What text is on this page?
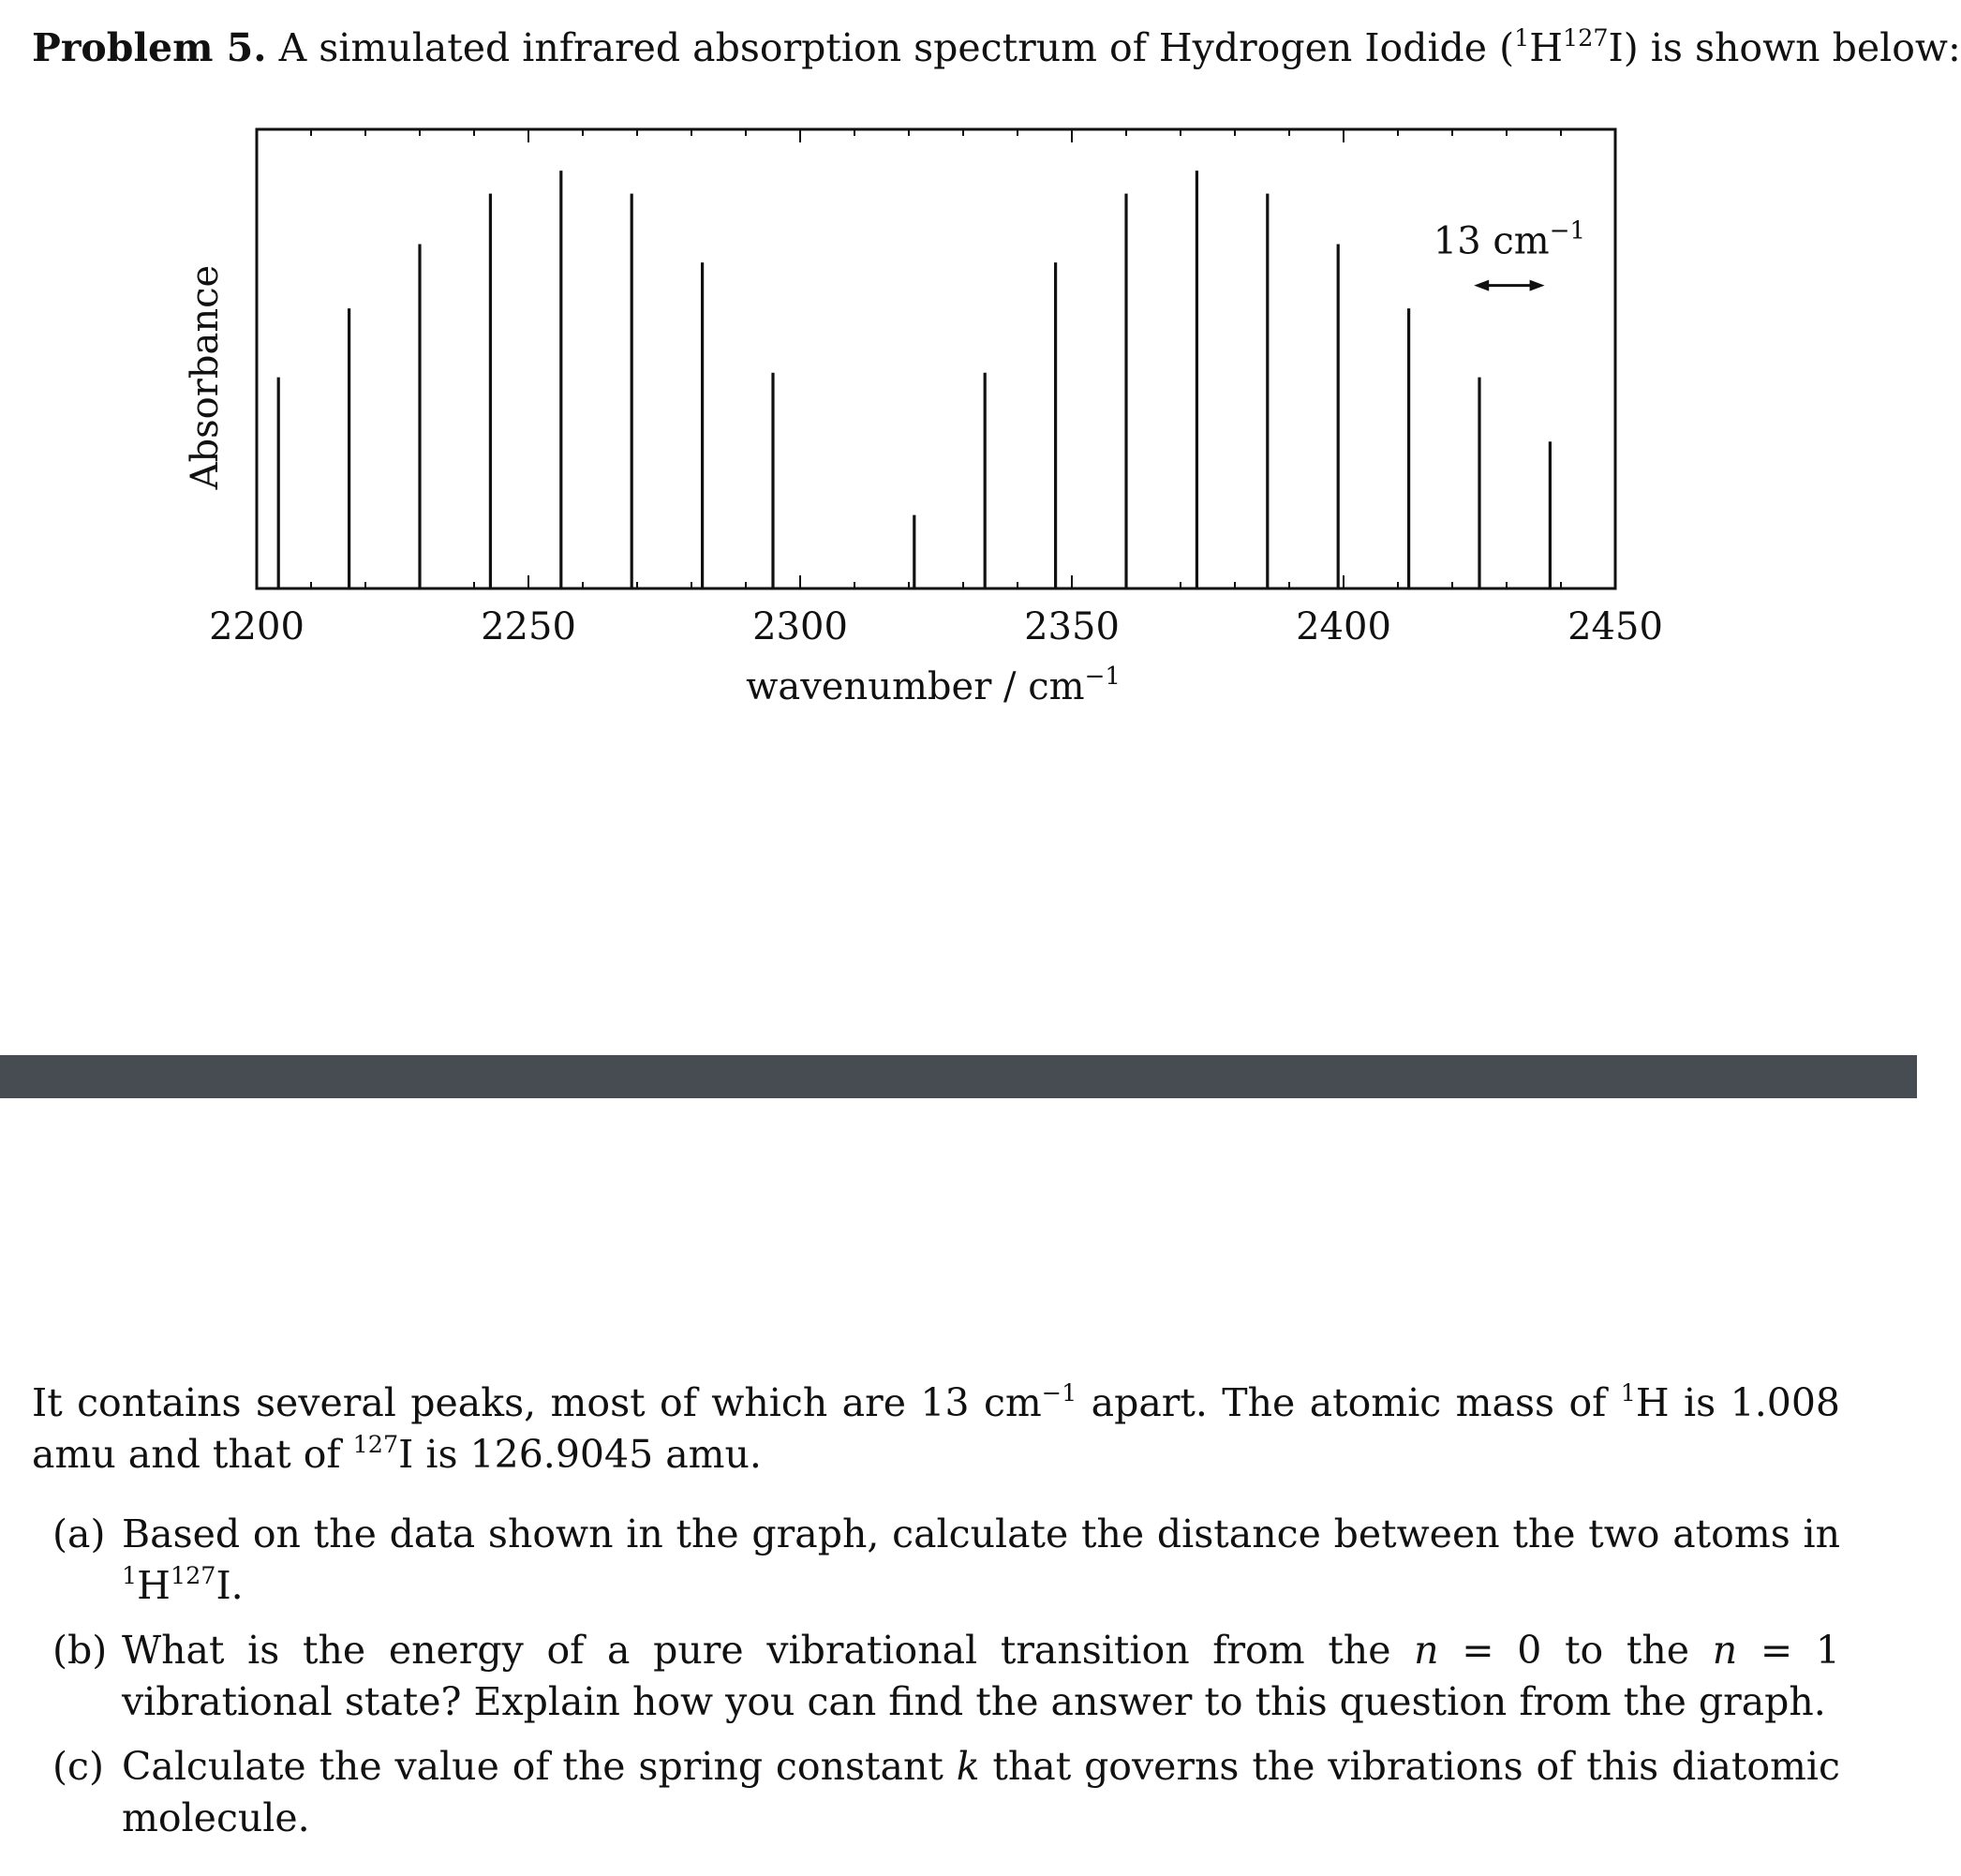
Problem 5. A simulated infrared absorption spectrum of Hydrogen Iodide $(^1H^{127}I)$ is shown below:
2200	2250	2300	2350	2400	2450
wavenumber / $cm^{-1}$
Absorbance
13 $cm^{-1}$
It contains several peaks, most of which are 13 $cm^{-1}$ apart. The atomic mass of $^1$H is 1.008 amu and that of $^{127}$I is 126.9045 amu.
(a) Based on the data shown in the graph, calculate the distance between the two atoms in $^1H^{127}I$.
(b) What is the energy of a pure vibrational transition from the n = 0 to the n = 1 vibrational state? Explain how you can find the answer to this question from the graph.
(c) Calculate the value of the spring constant k that governs the vibrations of this diatomic molecule.
